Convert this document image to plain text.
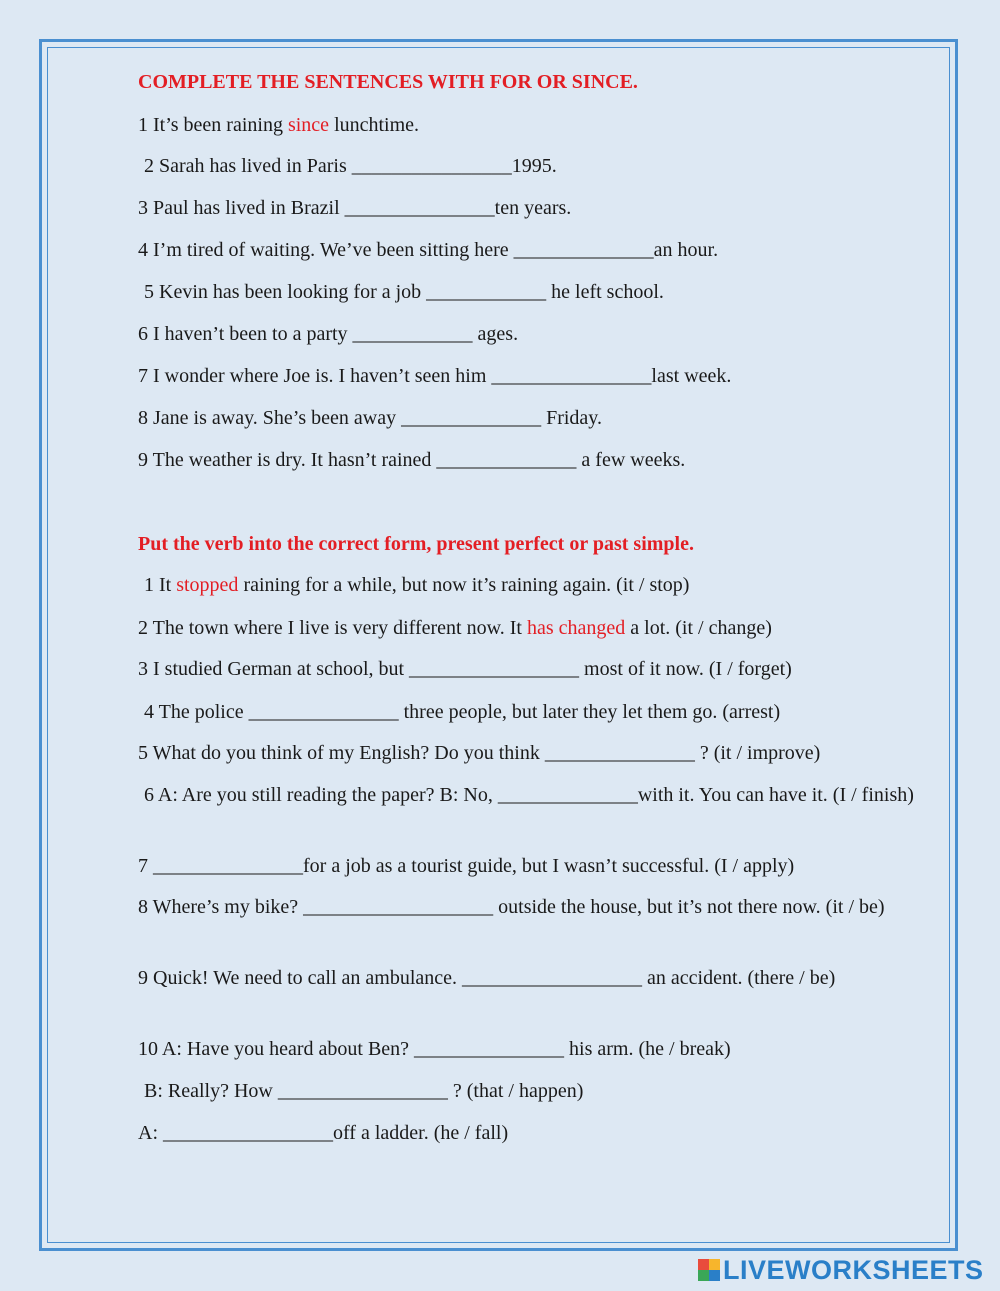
COMPLETE THE SENTENCES WITH FOR OR SINCE.
1 It’s been raining since lunchtime.
2 Sarah has lived in Paris ________________1995.
3 Paul has lived in Brazil _______________ten years.
4 I’m tired of waiting. We’ve been sitting here ______________an hour.
5 Kevin has been looking for a job ____________ he left school.
6 I haven’t been to a party ____________ ages.
7 I wonder where Joe is. I haven’t seen him ________________last week.
8 Jane is away. She’s been away ______________ Friday.
9 The weather is dry. It hasn’t rained ______________ a few weeks.
Put the verb into the correct form, present perfect or past simple.
1 It stopped raining for a while, but now it’s raining again. (it / stop)
2 The town where I live is very different now. It has changed a lot. (it / change)
3 I studied German at school, but _________________ most of it now. (I / forget)
4 The police _______________ three people, but later they let them go. (arrest)
5 What do you think of my English? Do you think _______________ ? (it / improve)
6 A: Are you still reading the paper? B: No, ______________with it. You can have it. (I / finish)
7 _______________for a job as a tourist guide, but I wasn’t successful. (I / apply)
8 Where’s my bike? ___________________ outside the house, but it’s not there now. (it / be)
9 Quick! We need to call an ambulance. __________________ an accident. (there / be)
10 A: Have you heard about Ben? _______________ his arm. (he / break)
B: Really? How _________________ ? (that / happen)
A: _________________off a ladder. (he / fall)
LIVEWORKSHEETS
